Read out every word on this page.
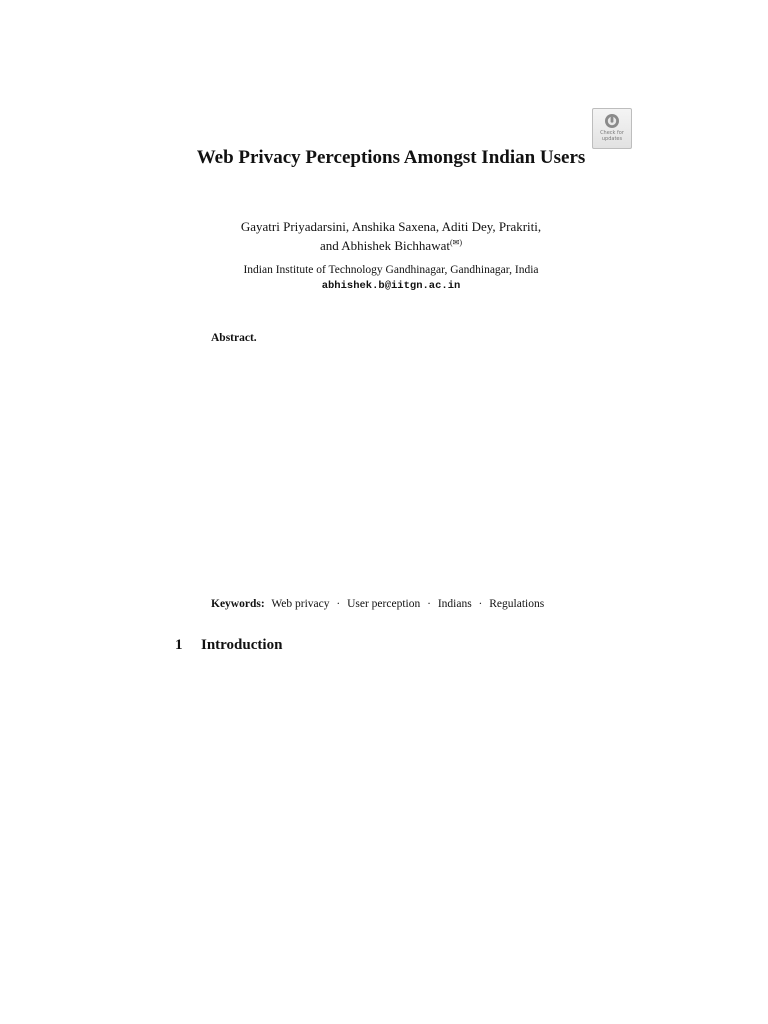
Check for updates
Web Privacy Perceptions Amongst Indian Users
Gayatri Priyadarsini, Anshika Saxena, Aditi Dey, Prakriti,
and Abhishek Bichhawat(✉)
Indian Institute of Technology Gandhinagar, Gandhinagar, India
abhishek.b@iitgn.ac.in
Abstract.
Keywords: Web privacy · User perception · Indians · Regulations
1 Introduction
